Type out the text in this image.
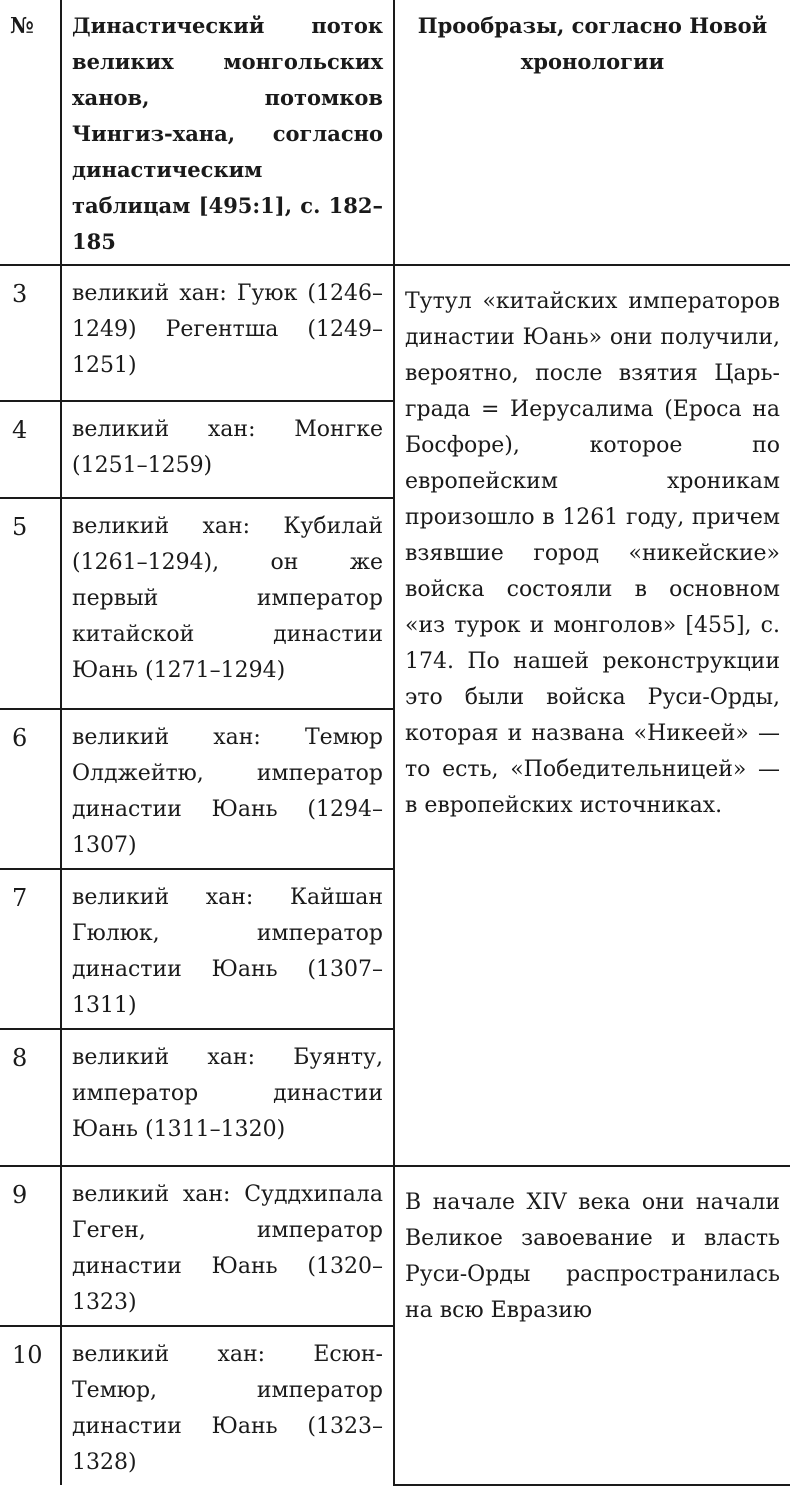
№	Династический поток великих монгольских ханов, потомков Чингиз-хана, согласно династическим таблицам [495:1], с. 182–185	Прообразы, согласно Новой хронологии
3	великий хан: Гуюк (1246–1249) Регентша (1249–1251)	Тутул «китайских императоров династии Юань» они получили, вероятно, после взятия Царь-града = Иерусалима (Ероса на Босфоре), которое по европейским хроникам произошло в 1261 году, причем взявшие город «никейские» войска состояли в основном «из турок и монголов» [455], с. 174. По нашей реконструкции это были войска Руси-Орды, которая и названа «Никеей» — то есть, «Победительницей» — в европейских источниках.
4	великий хан: Монгке (1251–1259)	
5	великий хан: Кубилай (1261–1294), он же первый император китайской династии Юань (1271–1294)	
6	великий хан: Темюр Олджейтю, император династии Юань (1294–1307)	
7	великий хан: Кайшан Гюлюк, император династии Юань (1307–1311)	
8	великий хан: Буянту, император династии Юань (1311–1320)	
9	великий хан: Суддхипала Геген, император династии Юань (1320–1323)	В начале XIV века они начали Великое завоевание и власть Руси-Орды распространилась на всю Евразию
10	великий хан: Есюн-Темюр, император династии Юань (1323–1328)	
